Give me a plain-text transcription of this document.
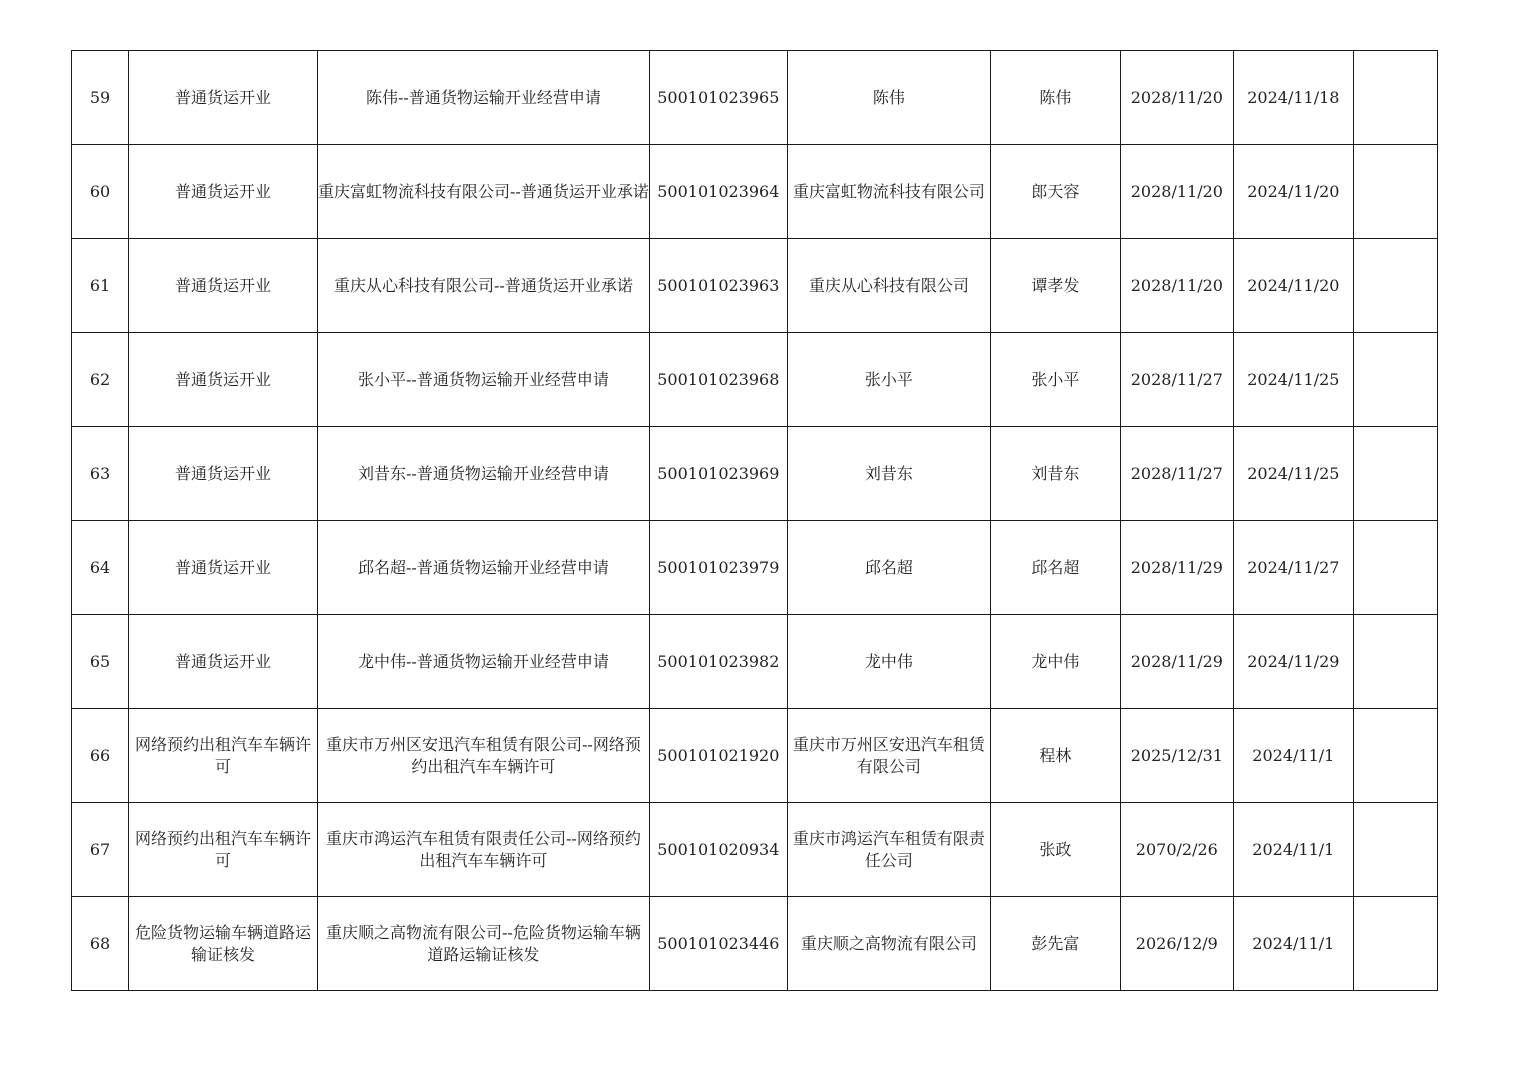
59	普通货运开业	陈伟--普通货物运输开业经营申请	500101023965	陈伟	陈伟	2028/11/20	2024/11/18	

60	普通货运开业	重庆富虹物流科技有限公司--普通货运开业承诺	500101023964	重庆富虹物流科技有限公司	郎天容	2028/11/20	2024/11/20	

61	普通货运开业	重庆从心科技有限公司--普通货运开业承诺	500101023963	重庆从心科技有限公司	谭孝发	2028/11/20	2024/11/20	

62	普通货运开业	张小平--普通货物运输开业经营申请	500101023968	张小平	张小平	2028/11/27	2024/11/25	

63	普通货运开业	刘昔东--普通货物运输开业经营申请	500101023969	刘昔东	刘昔东	2028/11/27	2024/11/25	

64	普通货运开业	邱名超--普通货物运输开业经营申请	500101023979	邱名超	邱名超	2028/11/29	2024/11/27	

65	普通货运开业	龙中伟--普通货物运输开业经营申请	500101023982	龙中伟	龙中伟	2028/11/29	2024/11/29	

66	网络预约出租汽车车辆许可	重庆市万州区安迅汽车租赁有限公司--网络预约出租汽车车辆许可	500101021920	重庆市万州区安迅汽车租赁有限公司	程林	2025/12/31	2024/11/1	

67	网络预约出租汽车车辆许可	重庆市鸿运汽车租赁有限责任公司--网络预约出租汽车车辆许可	500101020934	重庆市鸿运汽车租赁有限责任公司	张政	2070/2/26	2024/11/1	

68	危险货物运输车辆道路运输证核发	重庆顺之高物流有限公司--危险货物运输车辆道路运输证核发	500101023446	重庆顺之高物流有限公司	彭先富	2026/12/9	2024/11/1	
